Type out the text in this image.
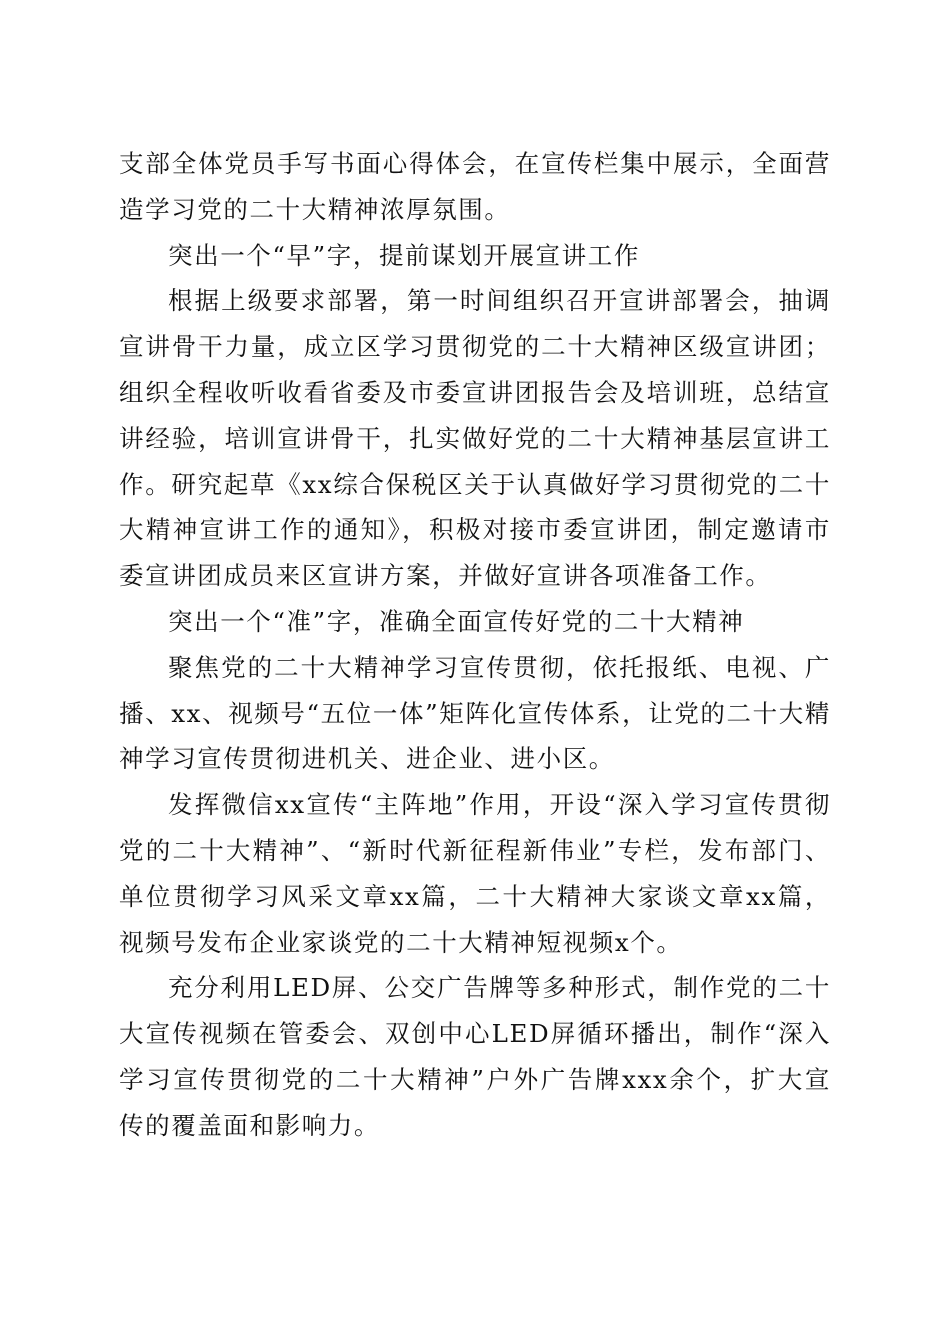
支部全体党员手写书面心得体会，在宣传栏集中展示，全面营造学习党的二十大精神浓厚氛围。

突出一个“早”字，提前谋划开展宣讲工作

根据上级要求部署，第一时间组织召开宣讲部署会，抽调宣讲骨干力量，成立区学习贯彻党的二十大精神区级宣讲团；组织全程收听收看省委及市委宣讲团报告会及培训班，总结宣讲经验，培训宣讲骨干，扎实做好党的二十大精神基层宣讲工作。研究起草《xx综合保税区关于认真做好学习贯彻党的二十大精神宣讲工作的通知》，积极对接市委宣讲团，制定邀请市委宣讲团成员来区宣讲方案，并做好宣讲各项准备工作。

突出一个“准”字，准确全面宣传好党的二十大精神

聚焦党的二十大精神学习宣传贯彻，依托报纸、电视、广播、xx、视频号“五位一体”矩阵化宣传体系，让党的二十大精神学习宣传贯彻进机关、进企业、进小区。

发挥微信xx宣传“主阵地”作用，开设“深入学习宣传贯彻党的二十大精神”、“新时代新征程新伟业”专栏，发布部门、单位贯彻学习风采文章xx篇，二十大精神大家谈文章xx篇，视频号发布企业家谈党的二十大精神短视频x个。

充分利用LED屏、公交广告牌等多种形式，制作党的二十大宣传视频在管委会、双创中心LED屏循环播出，制作“深入学习宣传贯彻党的二十大精神”户外广告牌xxx余个，扩大宣传的覆盖面和影响力。
